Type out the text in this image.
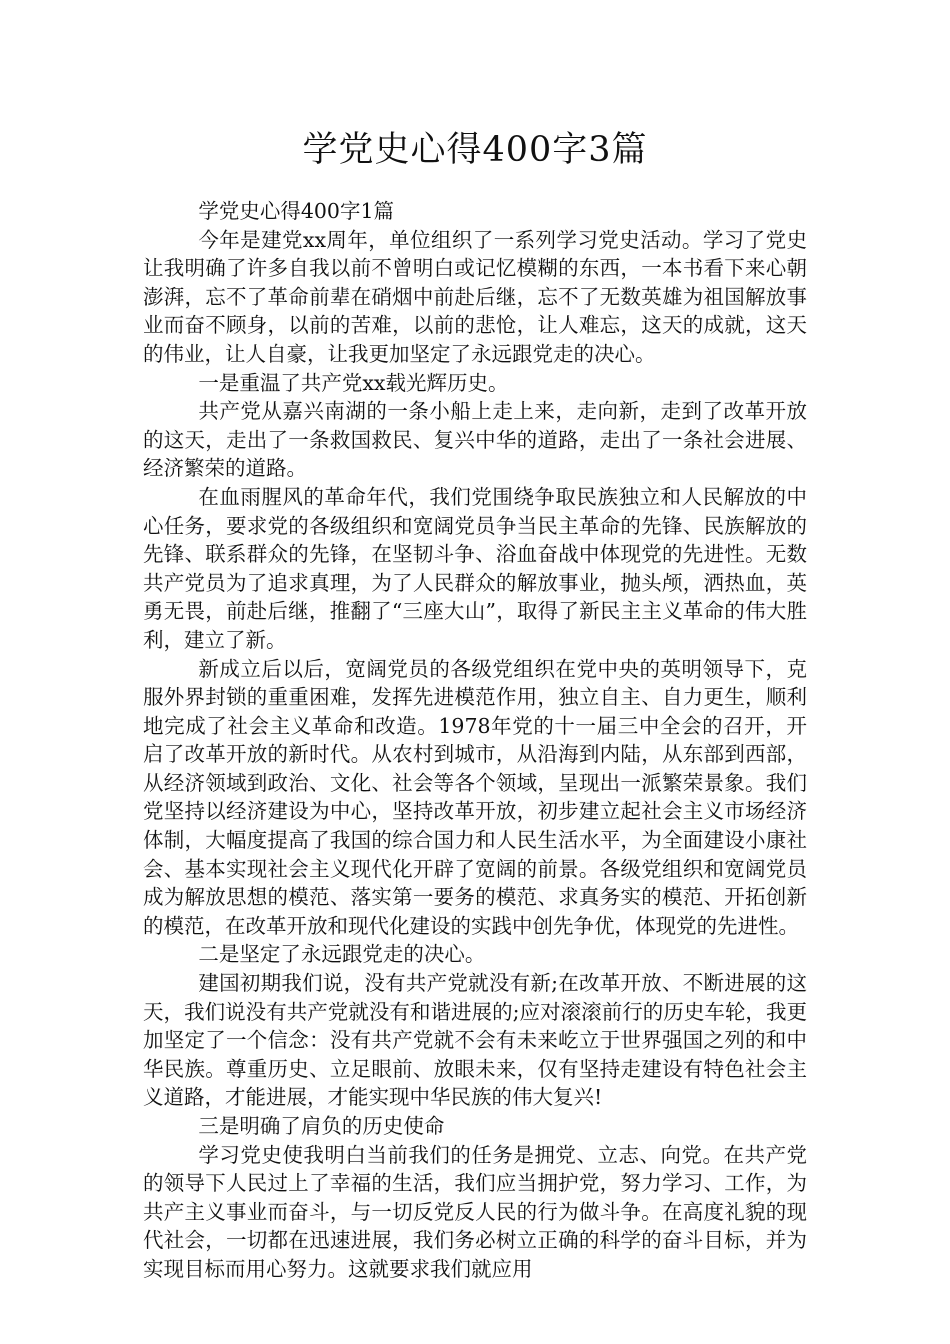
学党史心得400字3篇

学党史心得400字1篇

今年是建党xx周年，单位组织了一系列学习党史活动。学习了党史让我明确了许多自我以前不曾明白或记忆模糊的东西，一本书看下来心朝澎湃，忘不了革命前辈在硝烟中前赴后继，忘不了无数英雄为祖国解放事业而奋不顾身，以前的苦难，以前的悲怆，让人难忘，这天的成就，这天的伟业，让人自豪，让我更加坚定了永远跟党走的决心。

一是重温了共产党xx载光辉历史。

共产党从嘉兴南湖的一条小船上走上来，走向新，走到了改革开放的这天，走出了一条救国救民、复兴中华的道路，走出了一条社会进展、经济繁荣的道路。

在血雨腥风的革命年代，我们党围绕争取民族独立和人民解放的中心任务，要求党的各级组织和宽阔党员争当民主革命的先锋、民族解放的先锋、联系群众的先锋，在坚韧斗争、浴血奋战中体现党的先进性。无数共产党员为了追求真理，为了人民群众的解放事业，抛头颅，洒热血，英勇无畏，前赴后继，推翻了“三座大山”，取得了新民主主义革命的伟大胜利，建立了新。

新成立后以后，宽阔党员的各级党组织在党中央的英明领导下，克服外界封锁的重重困难，发挥先进模范作用，独立自主、自力更生，顺利地完成了社会主义革命和改造。1978年党的十一届三中全会的召开，开启了改革开放的新时代。从农村到城市，从沿海到内陆，从东部到西部，从经济领域到政治、文化、社会等各个领域，呈现出一派繁荣景象。我们党坚持以经济建设为中心，坚持改革开放，初步建立起社会主义市场经济体制，大幅度提高了我国的综合国力和人民生活水平，为全面建设小康社会、基本实现社会主义现代化开辟了宽阔的前景。各级党组织和宽阔党员成为解放思想的模范、落实第一要务的模范、求真务实的模范、开拓创新的模范，在改革开放和现代化建设的实践中创先争优，体现党的先进性。

二是坚定了永远跟党走的决心。

建国初期我们说，没有共产党就没有新;在改革开放、不断进展的这天，我们说没有共产党就没有和谐进展的;应对滚滚前行的历史车轮，我更加坚定了一个信念：没有共产党就不会有未来屹立于世界强国之列的和中华民族。尊重历史、立足眼前、放眼未来，仅有坚持走建设有特色社会主义道路，才能进展，才能实现中华民族的伟大复兴!

三是明确了肩负的历史使命

学习党史使我明白当前我们的任务是拥党、立志、向党。在共产党的领导下人民过上了幸福的生活，我们应当拥护党，努力学习、工作，为共产主义事业而奋斗，与一切反党反人民的行为做斗争。在高度礼貌的现代社会，一切都在迅速进展，我们务必树立正确的科学的奋斗目标，并为实现目标而用心努力。这就要求我们就应用
